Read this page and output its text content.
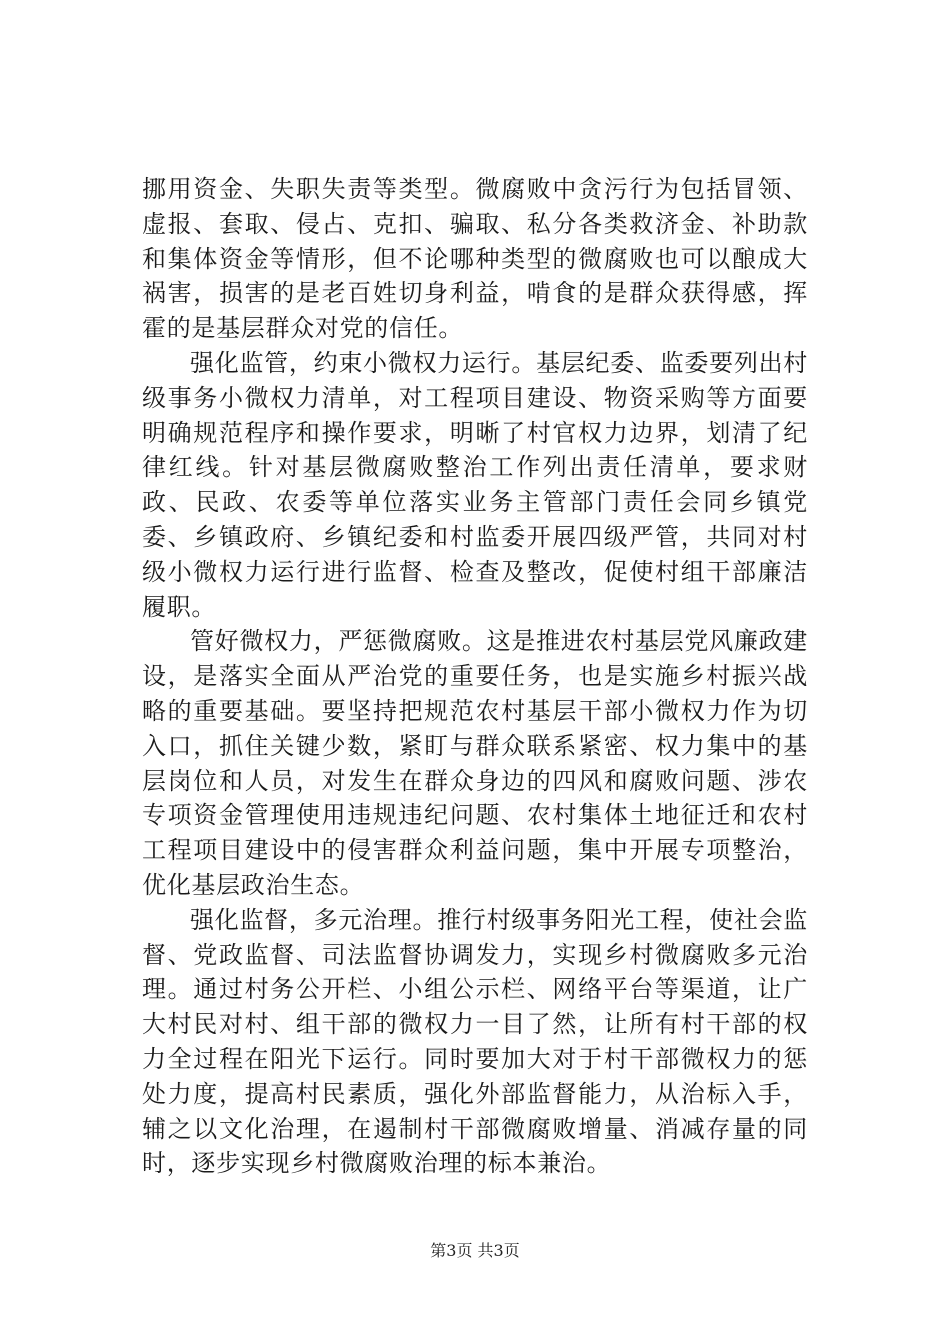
挪用资金、失职失责等类型。微腐败中贪污行为包括冒领、虚报、套取、侵占、克扣、骗取、私分各类救济金、补助款和集体资金等情形，但不论哪种类型的微腐败也可以酿成大祸害，损害的是老百姓切身利益，啃食的是群众获得感，挥霍的是基层群众对党的信任。

强化监管，约束小微权力运行。基层纪委、监委要列出村级事务小微权力清单，对工程项目建设、物资采购等方面要明确规范程序和操作要求，明晰了村官权力边界，划清了纪律红线。针对基层微腐败整治工作列出责任清单，要求财政、民政、农委等单位落实业务主管部门责任会同乡镇党委、乡镇政府、乡镇纪委和村监委开展四级严管，共同对村级小微权力运行进行监督、检查及整改，促使村组干部廉洁履职。

管好微权力，严惩微腐败。这是推进农村基层党风廉政建设，是落实全面从严治党的重要任务，也是实施乡村振兴战略的重要基础。要坚持把规范农村基层干部小微权力作为切入口，抓住关键少数，紧盯与群众联系紧密、权力集中的基层岗位和人员，对发生在群众身边的四风和腐败问题、涉农专项资金管理使用违规违纪问题、农村集体土地征迁和农村工程项目建设中的侵害群众利益问题，集中开展专项整治，优化基层政治生态。

强化监督，多元治理。推行村级事务阳光工程，使社会监督、党政监督、司法监督协调发力，实现乡村微腐败多元治理。通过村务公开栏、小组公示栏、网络平台等渠道，让广大村民对村、组干部的微权力一目了然，让所有村干部的权力全过程在阳光下运行。同时要加大对于村干部微权力的惩处力度，提高村民素质，强化外部监督能力，从治标入手，辅之以文化治理，在遏制村干部微腐败增量、消减存量的同时，逐步实现乡村微腐败治理的标本兼治。

第3页 共3页
